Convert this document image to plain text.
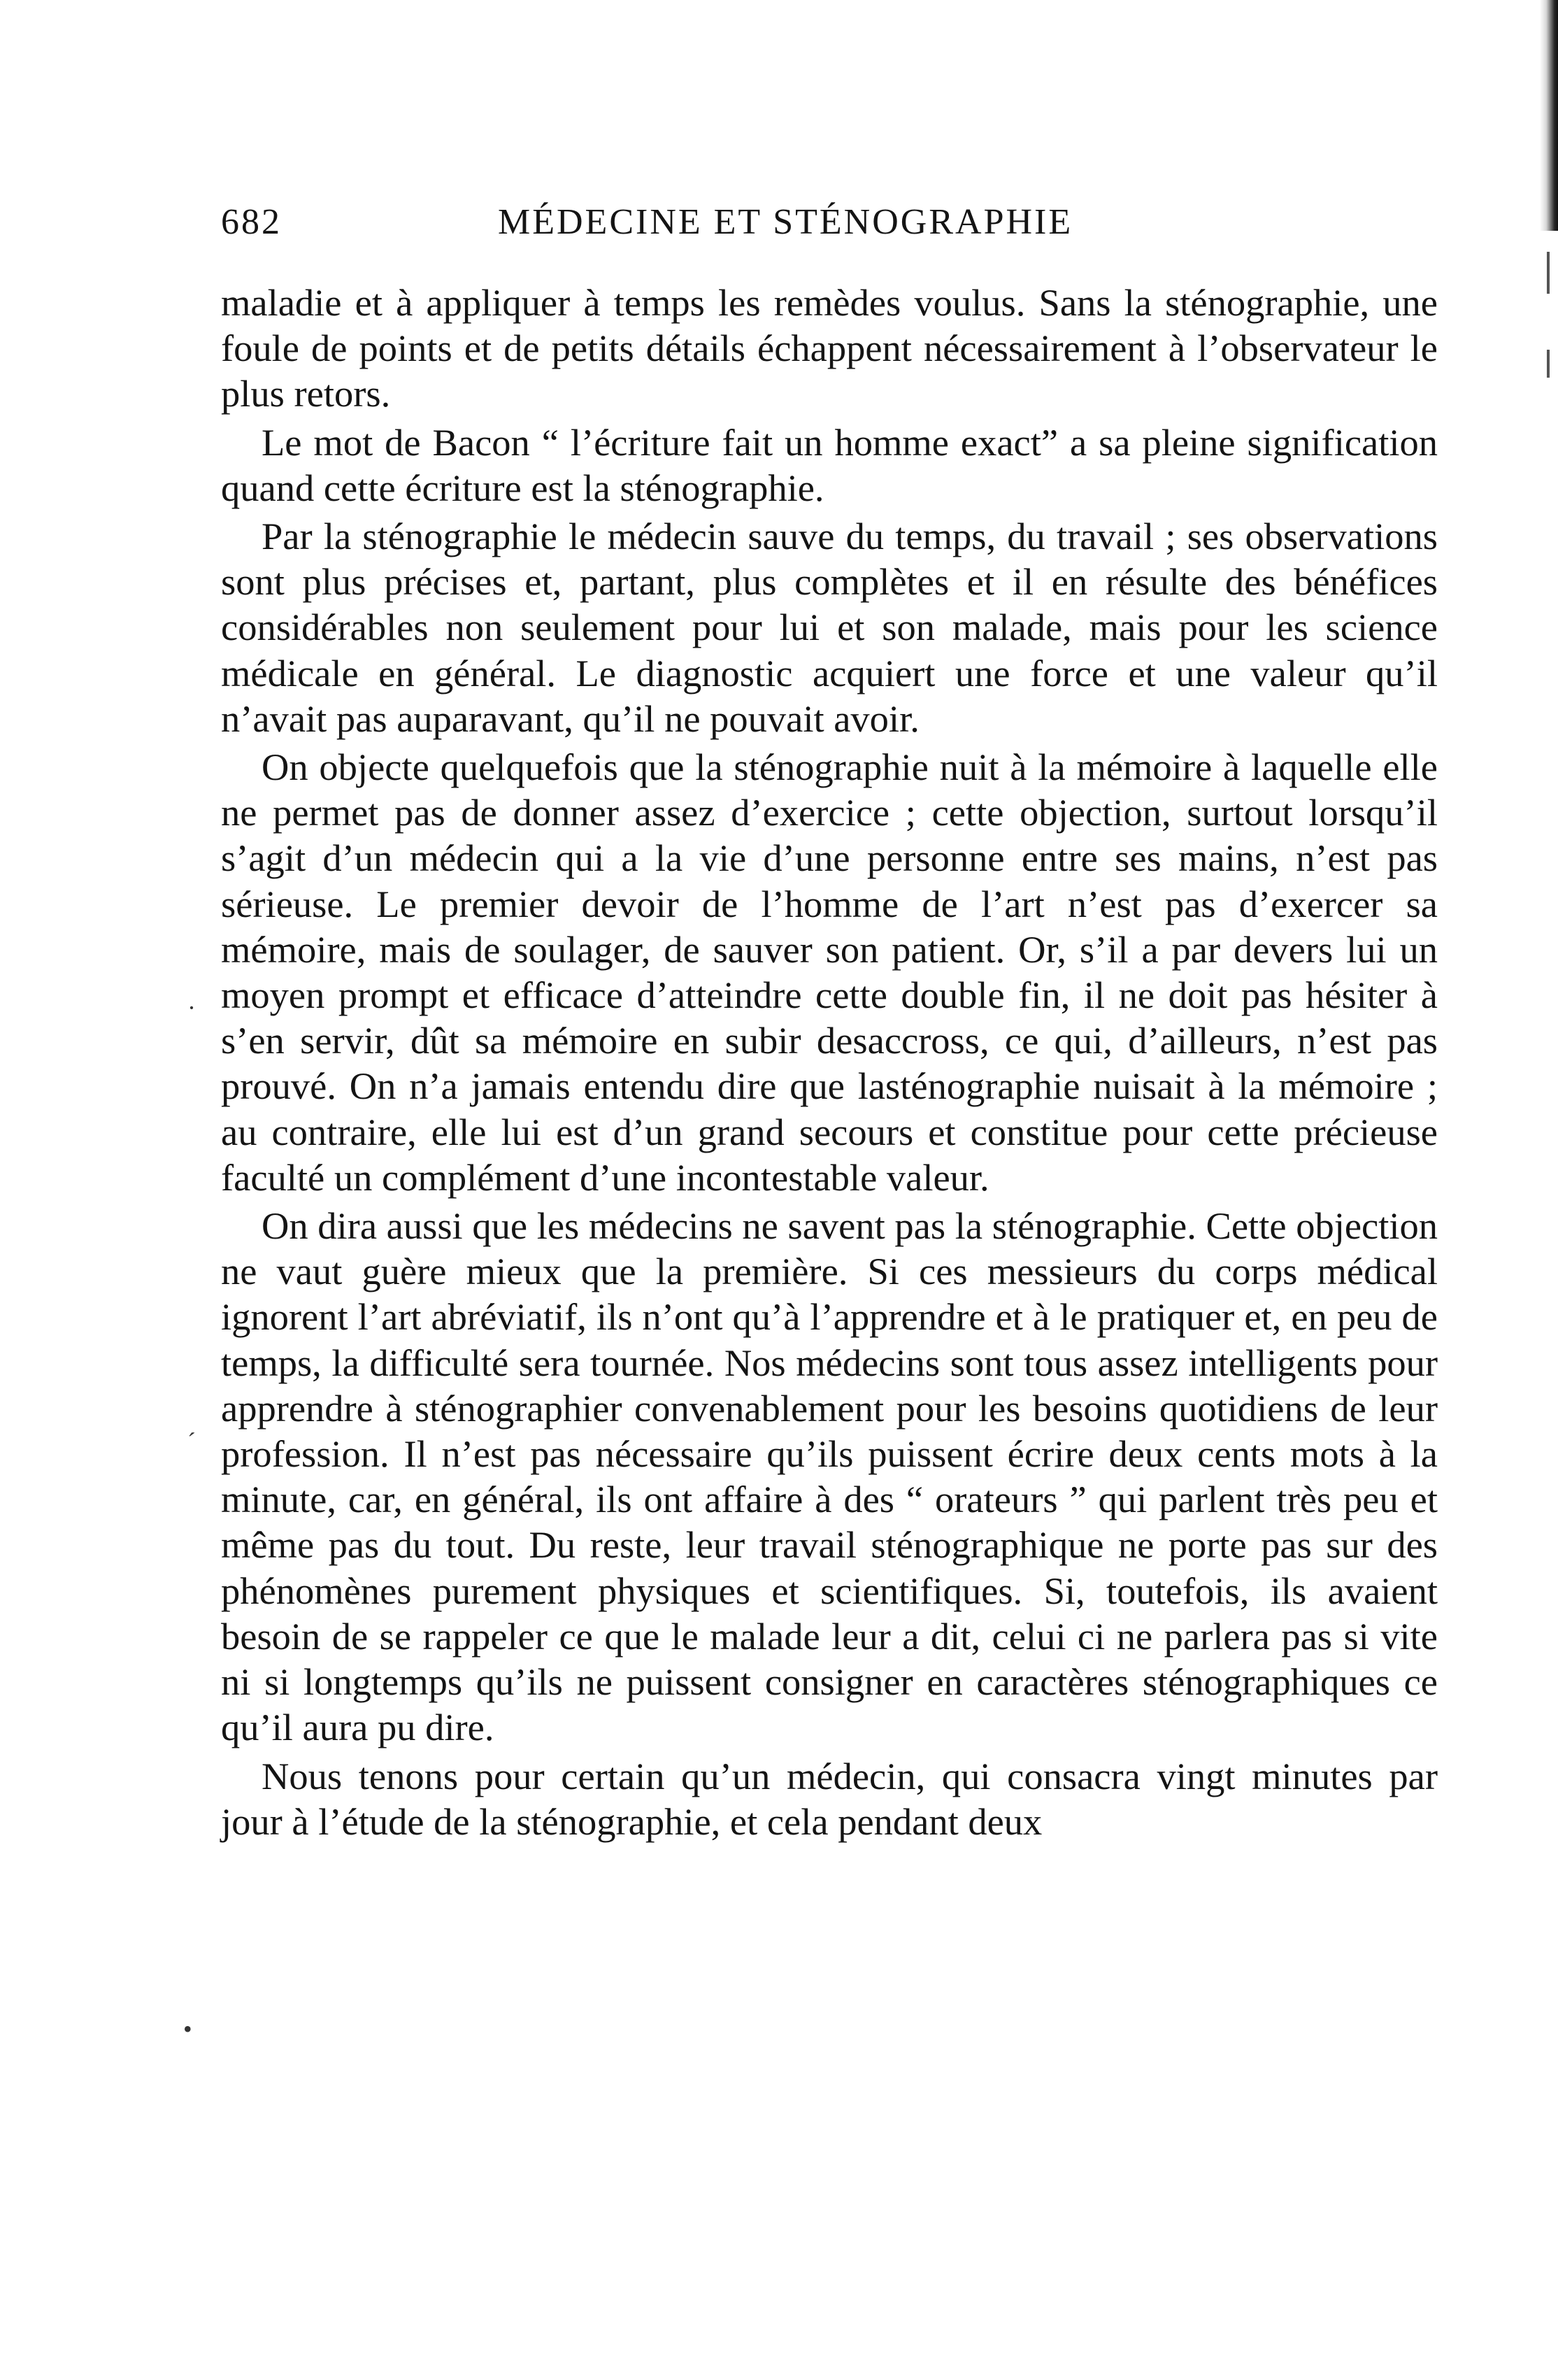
682	MÉDECINE ET STÉNOGRAPHIE

maladie et à appliquer à temps les remèdes voulus. Sans la sténographie, une foule de points et de petits détails échappent nécessairement à l’observateur le plus retors.

Le mot de Bacon “ l’écriture fait un homme exact” a sa pleine signification quand cette écriture est la sténographie.

Par la sténographie le médecin sauve du temps, du travail ; ses observations sont plus précises et, partant, plus complètes et il en résulte des bénéfices considérables non seulement pour lui et son malade, mais pour les science médicale en général. Le diagnostic acquiert une force et une valeur qu’il n’avait pas auparavant, qu’il ne pouvait avoir.

On objecte quelquefois que la sténographie nuit à la mémoire à laquelle elle ne permet pas de donner assez d’exercice ; cette objection, surtout lorsqu’il s’agit d’un médecin qui a la vie d’une personne entre ses mains, n’est pas sérieuse. Le premier devoir de l’homme de l’art n’est pas d’exercer sa mémoire, mais de soulager, de sauver son patient. Or, s’il a par devers lui un moyen prompt et efficace d’atteindre cette double fin, il ne doit pas hésiter à s’en servir, dût sa mémoire en subir desaccross, ce qui, d’ailleurs, n’est pas prouvé. On n’a jamais entendu dire que lasténographie nuisait à la mémoire ; au contraire, elle lui est d’un grand secours et constitue pour cette précieuse faculté un complément d’une incontestable valeur.

On dira aussi que les médecins ne savent pas la sténographie. Cette objection ne vaut guère mieux que la première. Si ces messieurs du corps médical ignorent l’art abréviatif, ils n’ont qu’à l’apprendre et à le pratiquer et, en peu de temps, la difficulté sera tournée. Nos médecins sont tous assez intelligents pour apprendre à sténographier convenablement pour les besoins quotidiens de leur profession. Il n’est pas nécessaire qu’ils puissent écrire deux cents mots à la minute, car, en général, ils ont affaire à des “ orateurs ” qui parlent très peu et même pas du tout. Du reste, leur travail sténographique ne porte pas sur des phénomènes purement physiques et scientifiques. Si, toutefois, ils avaient besoin de se rappeler ce que le malade leur a dit, celui ci ne parlera pas si vite ni si longtemps qu’ils ne puissent consigner en caractères sténographiques ce qu’il aura pu dire.

Nous tenons pour certain qu’un médecin, qui consacra vingt minutes par jour à l’étude de la sténographie, et cela pendant deux

·
ˊ
•
